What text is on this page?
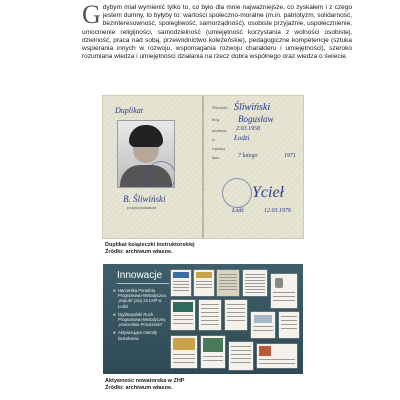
Gdybym miał wymienić tylko to, co było dla mnie najważniejsze, co zyskałem i z czego jestem dumny, to byłyby to: wartości społeczno-moralne (m.in. patriotyzm, solidarność, bezinteresowność, spolegliwość, samorządność), osobiste przyjaźnie, uspołecznienie, umocnienie religijności, samodzielność (umiejętność korzystania z wolności osobistej, dzielność, praca nad sobą, przewodnictwo koleżeńskie), pedagogiczne kompetencje (sztuka wspierania innych w rozwoju, wspomagania rozwoju charakteru i umiejętności), szeroko rozumiana wiedza i umiejętności działania na rzecz dobra wspólnego oraz wiedza o świecie.
Duplikat
B. Śliwiński
podpis posiadacza
Nazwisko
Imię
urodzony
w
wpisany
dnia
Śliwiński
Bogusław
2.03.1958
Łodzi
7 lutego	1971
Ycieł
Łódź	12.03.1976
Duplikat książeczki instruktorskiej
Źródło: archiwum własne.
Innowacje
■ Harcerska Poradnia Programowo-Metodyczna „Impuls” przy 21 ŁHP w Łodzi
■ Ogólnopolski Ruch Programowo-Metodyczny „Harcerskie Poruszenie”
■ Aktywizujące metody kształcenia
Aktywność nowatorska w ZHP
Źródło: archiwum własne.
